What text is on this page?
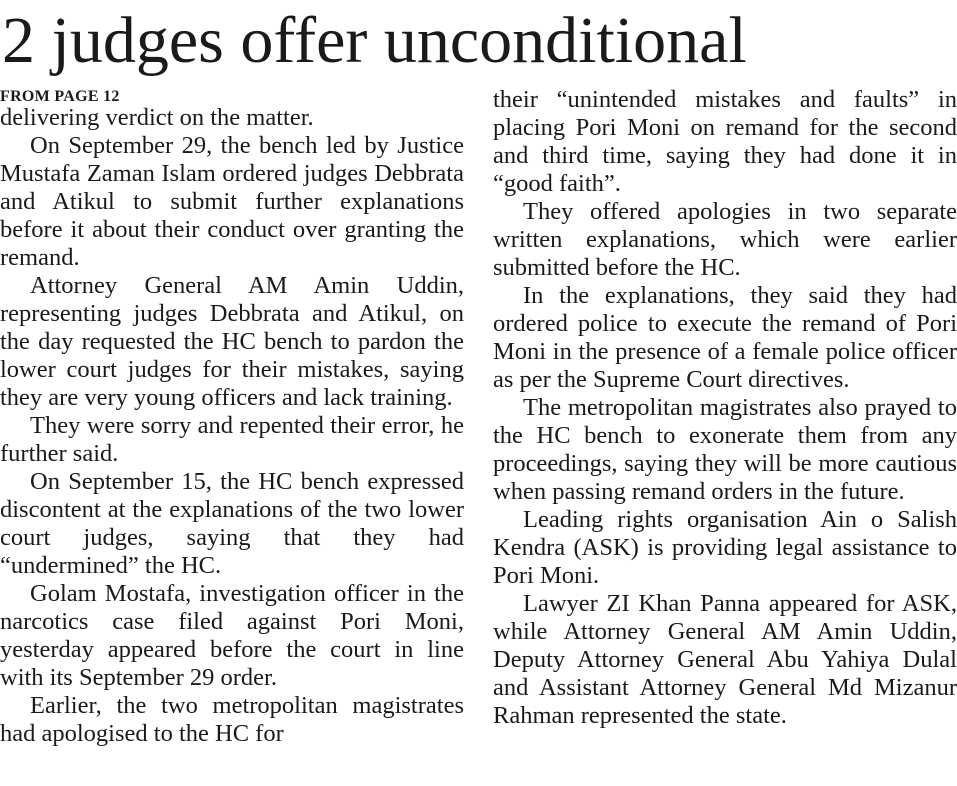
2 judges offer unconditional
FROM PAGE 12

delivering verdict on the matter.

On September 29, the bench led by Justice Mustafa Zaman Islam ordered judges Debbrata and Atikul to submit further explanations before it about their conduct over granting the remand.

Attorney General AM Amin Uddin, representing judges Debbrata and Atikul, on the day requested the HC bench to pardon the lower court judges for their mistakes, saying they are very young officers and lack training.

They were sorry and repented their error, he further said.

On September 15, the HC bench expressed discontent at the explanations of the two lower court judges, saying that they had “undermined” the HC.

Golam Mostafa, investigation officer in the narcotics case filed against Pori Moni, yesterday appeared before the court in line with its September 29 order.

Earlier, the two metropolitan magistrates had apologised to the HC for

their “unintended mistakes and faults” in placing Pori Moni on remand for the second and third time, saying they had done it in “good faith”.

They offered apologies in two separate written explanations, which were earlier submitted before the HC.

In the explanations, they said they had ordered police to execute the remand of Pori Moni in the presence of a female police officer as per the Supreme Court directives.

The metropolitan magistrates also prayed to the HC bench to exonerate them from any proceedings, saying they will be more cautious when passing remand orders in the future.

Leading rights organisation Ain o Salish Kendra (ASK) is providing legal assistance to Pori Moni.

Lawyer ZI Khan Panna appeared for ASK, while Attorney General AM Amin Uddin, Deputy Attorney General Abu Yahiya Dulal and Assistant Attorney General Md Mizanur Rahman represented the state.
